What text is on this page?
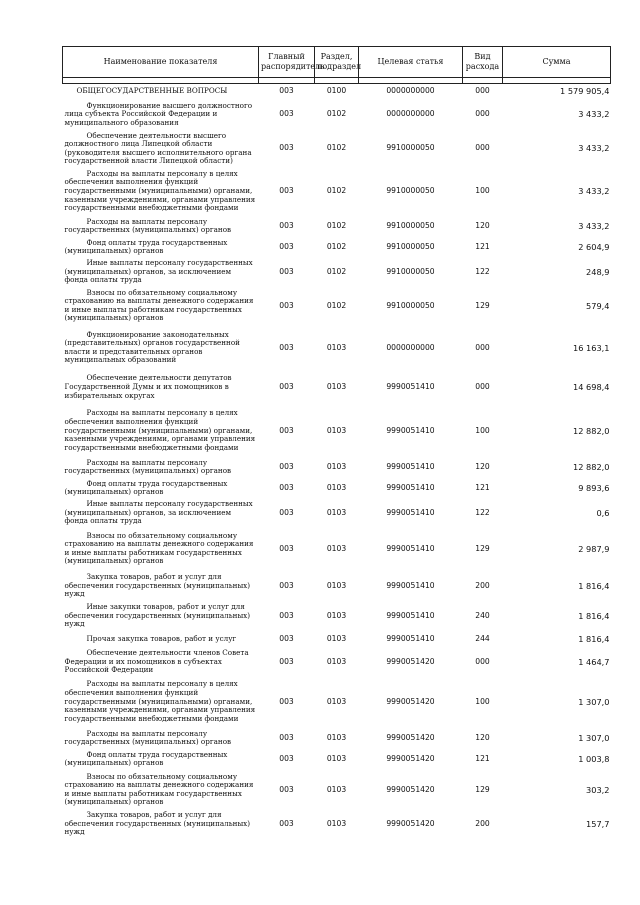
Наименование показателя	Главный распорядитель	Раздел, подраздел	Целевая статья	Вид расхода	Сумма

ОБЩЕГОСУДАРСТВЕННЫЕ ВОПРОСЫ	003	0100	0000000000	000	1 579 905,4
Функционирование высшего должностного лица субъекта Российской Федерации и муниципального образования	003	0102	0000000000	000	3 433,2
Обеспечение деятельности высшего должностного лица Липецкой области (руководителя высшего исполнительного органа государственной власти Липецкой области)	003	0102	9910000050	000	3 433,2
Расходы на выплаты персоналу в целях обеспечения выполнения функций государственными (муниципальными) органами, казенными учреждениями, органами управления государственными внебюджетными фондами	003	0102	9910000050	100	3 433,2
Расходы на выплаты персоналу государственных (муниципальных) органов	003	0102	9910000050	120	3 433,2
Фонд оплаты труда государственных (муниципальных) органов	003	0102	9910000050	121	2 604,9
Иные выплаты персоналу государственных (муниципальных) органов, за исключением фонда оплаты труда	003	0102	9910000050	122	248,9
Взносы по обязательному социальному страхованию на выплаты денежного содержания и иные выплаты работникам государственных (муниципальных) органов	003	0102	9910000050	129	579,4
Функционирование законодательных (представительных) органов государственной власти и представительных органов муниципальных образований	003	0103	0000000000	000	16 163,1
Обеспечение деятельности депутатов Государственной Думы и их помощников в избирательных округах	003	0103	9990051410	000	14 698,4
Расходы на выплаты персоналу в целях обеспечения выполнения функций государственными (муниципальными) органами, казенными учреждениями, органами управления государственными внебюджетными фондами	003	0103	9990051410	100	12 882,0
Расходы на выплаты персоналу государственных (муниципальных) органов	003	0103	9990051410	120	12 882,0
Фонд оплаты труда государственных (муниципальных) органов	003	0103	9990051410	121	9 893,6
Иные выплаты персоналу государственных (муниципальных) органов, за исключением фонда оплаты труда	003	0103	9990051410	122	0,6
Взносы по обязательному социальному страхованию на выплаты денежного содержания и иные выплаты работникам государственных (муниципальных) органов	003	0103	9990051410	129	2 987,9
Закупка товаров, работ и услуг для обеспечения государственных (муниципальных) нужд	003	0103	9990051410	200	1 816,4
Иные закупки товаров, работ и услуг для обеспечения государственных (муниципальных) нужд	003	0103	9990051410	240	1 816,4
Прочая закупка товаров, работ и услуг	003	0103	9990051410	244	1 816,4
Обеспечение деятельности членов Совета Федерации и их помощников в субъектах Российской Федерации	003	0103	9990051420	000	1 464,7
Расходы на выплаты персоналу в целях обеспечения выполнения функций государственными (муниципальными) органами, казенными учреждениями, органами управления государственными внебюджетными фондами	003	0103	9990051420	100	1 307,0
Расходы на выплаты персоналу государственных (муниципальных) органов	003	0103	9990051420	120	1 307,0
Фонд оплаты труда государственных (муниципальных) органов	003	0103	9990051420	121	1 003,8
Взносы по обязательному социальному страхованию на выплаты денежного содержания и иные выплаты работникам государственных (муниципальных) органов	003	0103	9990051420	129	303,2
Закупка товаров, работ и услуг для обеспечения государственных (муниципальных) нужд	003	0103	9990051420	200	157,7
